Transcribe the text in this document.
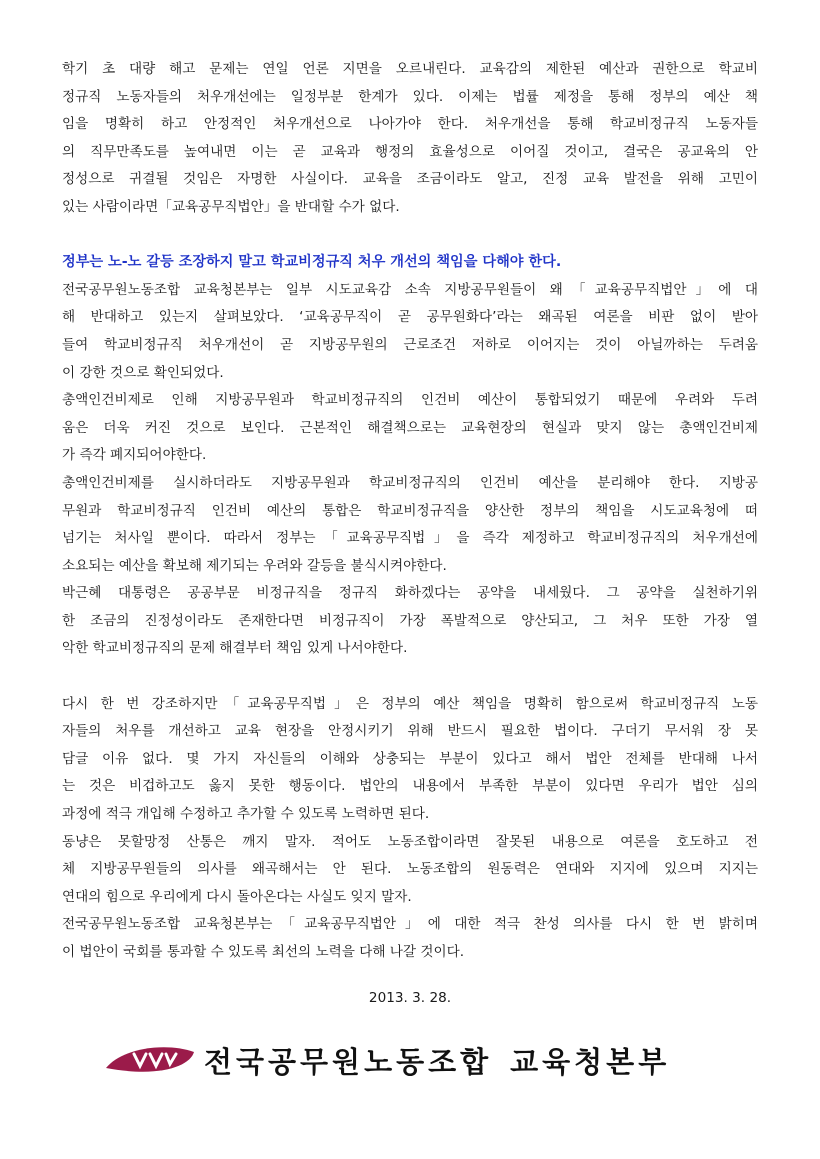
학기 초 대량 해고 문제는 연일 언론 지면을 오르내린다. 교육감의 제한된 예산과 권한으로 학교비
정규직 노동자들의 처우개선에는 일정부분 한계가 있다. 이제는 법률 제정을 통해 정부의 예산 책
임을 명확히 하고 안정적인 처우개선으로 나아가야 한다. 처우개선을 통해 학교비정규직 노동자들
의 직무만족도를 높여내면 이는 곧 교육과 행정의 효율성으로 이어질 것이고, 결국은 공교육의 안
정성으로 귀결될 것임은 자명한 사실이다. 교육을 조금이라도 알고, 진정 교육 발전을 위해 고민이
있는 사람이라면「교육공무직법안」을 반대할 수가 없다.
정부는 노-노 갈등 조장하지 말고 학교비정규직 처우 개선의 책임을 다해야 한다.
전국공무원노동조합 교육청본부는 일부 시도교육감 소속 지방공무원들이 왜「교육공무직법안」에 대
해 반대하고 있는지 살펴보았다. ‘교육공무직이 곧 공무원화다’라는 왜곡된 여론을 비판 없이 받아
들여 학교비정규직 처우개선이 곧 지방공무원의 근로조건 저하로 이어지는 것이 아닐까하는 두려움
이 강한 것으로 확인되었다.
총액인건비제로 인해 지방공무원과 학교비정규직의 인건비 예산이 통합되었기 때문에 우려와 두려
움은 더욱 커진 것으로 보인다. 근본적인 해결책으로는 교육현장의 현실과 맞지 않는 총액인건비제
가 즉각 폐지되어야한다.
총액인건비제를 실시하더라도 지방공무원과 학교비정규직의 인건비 예산을 분리해야 한다. 지방공
무원과 학교비정규직 인건비 예산의 통합은 학교비정규직을 양산한 정부의 책임을 시도교육청에 떠
넘기는 처사일 뿐이다. 따라서 정부는「교육공무직법」을 즉각 제정하고 학교비정규직의 처우개선에
소요되는 예산을 확보해 제기되는 우려와 갈등을 불식시켜야한다.
박근혜 대통령은 공공부문 비정규직을 정규직 화하겠다는 공약을 내세웠다. 그 공약을 실천하기위
한 조금의 진정성이라도 존재한다면 비정규직이 가장 폭발적으로 양산되고, 그 처우 또한 가장 열
악한 학교비정규직의 문제 해결부터 책임 있게 나서야한다.
다시 한 번 강조하지만「교육공무직법」은 정부의 예산 책임을 명확히 함으로써 학교비정규직 노동
자들의 처우를 개선하고 교육 현장을 안정시키기 위해 반드시 필요한 법이다. 구더기 무서워 장 못
담글 이유 없다. 몇 가지 자신들의 이해와 상충되는 부분이 있다고 해서 법안 전체를 반대해 나서
는 것은 비겁하고도 옳지 못한 행동이다. 법안의 내용에서 부족한 부분이 있다면 우리가 법안 심의
과정에 적극 개입해 수정하고 추가할 수 있도록 노력하면 된다.
동냥은 못할망정 산통은 깨지 말자. 적어도 노동조합이라면 잘못된 내용으로 여론을 호도하고 전
체 지방공무원들의 의사를 왜곡해서는 안 된다. 노동조합의 원동력은 연대와 지지에 있으며 지지는
연대의 힘으로 우리에게 다시 돌아온다는 사실도 잊지 말자.
전국공무원노동조합 교육청본부는「교육공무직법안」에 대한 적극 찬성 의사를 다시 한 번 밝히며
이 법안이 국회를 통과할 수 있도록 최선의 노력을 다해 나갈 것이다.
2013. 3. 28.
전국공무원노동조합 교육청본부
